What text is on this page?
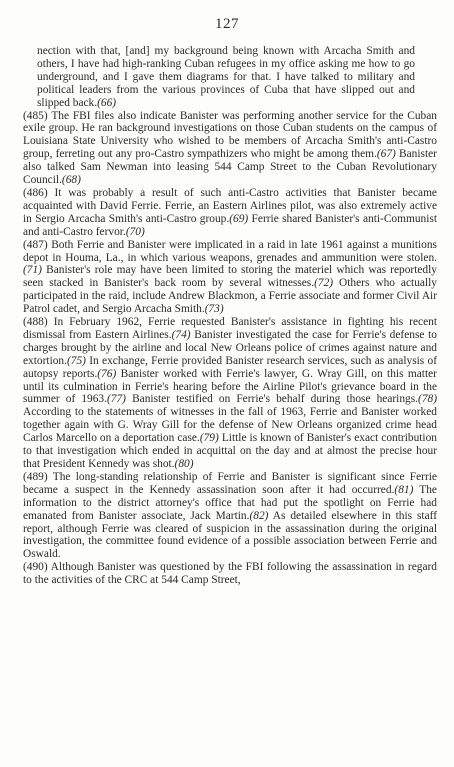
127

nection with that, [and] my background being known with Arcacha Smith and others, I have had high-ranking Cuban refugees in my office asking me how to go underground, and I gave them diagrams for that. I have talked to military and political leaders from the various provinces of Cuba that have slipped out and slipped back.(66)

(485) The FBI files also indicate Banister was performing another service for the Cuban exile group. He ran background investigations on those Cuban students on the campus of Louisiana State University who wished to be members of Arcacha Smith's anti-Castro group, ferreting out any pro-Castro sympathizers who might be among them.(67) Banister also talked Sam Newman into leasing 544 Camp Street to the Cuban Revolutionary Council.(68)

(486) It was probably a result of such anti-Castro activities that Banister became acquainted with David Ferrie. Ferrie, an Eastern Airlines pilot, was also extremely active in Sergio Arcacha Smith's anti-Castro group.(69) Ferrie shared Banister's anti-Communist and anti-Castro fervor.(70)

(487) Both Ferrie and Banister were implicated in a raid in late 1961 against a munitions depot in Houma, La., in which various weapons, grenades and ammunition were stolen.(71) Banister's role may have been limited to storing the materiel which was reportedly seen stacked in Banister's back room by several witnesses.(72) Others who actually participated in the raid, include Andrew Blackmon, a Ferrie associate and former Civil Air Patrol cadet, and Sergio Arcacha Smith.(73)

(488) In February 1962, Ferrie requested Banister's assistance in fighting his recent dismissal from Eastern Airlines.(74) Banister investigated the case for Ferrie's defense to charges brought by the airline and local New Orleans police of crimes against nature and extortion.(75) In exchange, Ferrie provided Banister research services, such as analysis of autopsy reports.(76) Banister worked with Ferrie's lawyer, G. Wray Gill, on this matter until its culmination in Ferrie's hearing before the Airline Pilot's grievance board in the summer of 1963.(77) Banister testified on Ferrie's behalf during those hearings.(78) According to the statements of witnesses in the fall of 1963, Ferrie and Banister worked together again with G. Wray Gill for the defense of New Orleans organized crime head Carlos Marcello on a deportation case.(79) Little is known of Banister's exact contribution to that investigation which ended in acquittal on the day and at almost the precise hour that President Kennedy was shot.(80)

(489) The long-standing relationship of Ferrie and Banister is significant since Ferrie became a suspect in the Kennedy assassination soon after it had occurred.(81) The information to the district attorney's office that had put the spotlight on Ferrie had emanated from Banister associate, Jack Martin.(82) As detailed elsewhere in this staff report, although Ferrie was cleared of suspicion in the assassination during the original investigation, the committee found evidence of a possible association between Ferrie and Oswald.

(490) Although Banister was questioned by the FBI following the assassination in regard to the activities of the CRC at 544 Camp Street,
